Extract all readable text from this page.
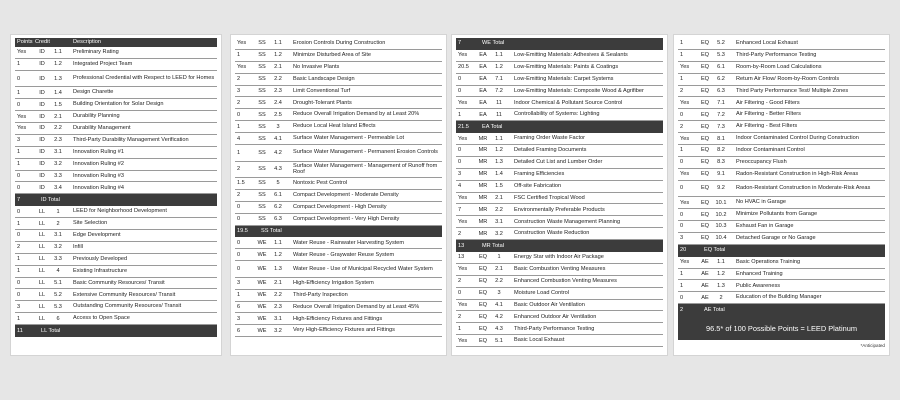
Points Credit	Description
Yes	ID	1.1	Preliminary Rating
1	ID	1.2	Integrated Project Team
0	ID	1.3	Professional Credential with Respect to LEED for Homes
1	ID	1.4	Design Charette
0	ID	1.5	Building Orientation for Solar Design
Yes	ID	2.1	Durability Planning
Yes	ID	2.2	Durability Management
3	ID	2.3	Third-Party Durability Management Verification
1	ID	3.1	Innovation Ruling #1
1	ID	3.2	Innovation Ruling #2
0	ID	3.3	Innovation Ruling #3
0	ID	3.4	Innovation Ruling #4
7	ID Total
0	LL	1	LEED for Neighborhood Development
1	LL	2	Site Selection
0	LL	3.1	Edge Development
2	LL	3.2	Infill
1	LL	3.3	Previously Developed
1	LL	4	Existing Infrastructure
0	LL	5.1	Basic Community Resources/ Transit
0	LL	5.2	Extensive Community Resources/ Transit
3	LL	5.3	Outstanding Community Resources/ Transit
1	LL	6	Access to Open Space
11	LL Total
Yes	SS	1.1	Erosion Controls During Construction
1	SS	1.2	Minimize Disturbed Area of Site
Yes	SS	2.1	No Invasive Plants
2	SS	2.2	Basic Landscape Design
3	SS	2.3	Limit Conventional Turf
2	SS	2.4	Drought-Tolerant Plants
0	SS	2.5	Reduce Overall Irrigation Demand by at Least 20%
1	SS	3	Reduce Local Heat Island Effects
4	SS	4.1	Surface Water Management - Permeable Lot
1	SS	4.2	Surface Water Management - Permanent Erosion Controls
2	SS	4.3
Surface Water Management - Management of Runoff from Roof
1.5	SS	5	Nontoxic Pest Control
2	SS	6.1	Compact Development - Moderate Density
0	SS	6.2	Compact Development - High Density
0	SS	6.3	Compact Development - Very High Density
19.5	SS Total
0	WE	1.1	Water Reuse - Rainwater Harvesting System
0	WE	1.2	Water Reuse - Graywater Reuse System
0	WE	1.3	Water Reuse - Use of Municipal Recycled Water System
3	WE	2.1	High-Efficiency Irrigation System
1	WE	2.2	Third-Party Inspection
6	WE	2.3	Reduce Overall Irrigation Demand by at Least 45%
3	WE	3.1	High-Efficiency Fixtures and Fittings
6	WE	3.2	Very High-Efficiency Fixtures and Fittings
7	WE Total
Yes	EA	1.1	Low-Emitting Materials: Adhesives & Sealants
20.5	EA	1.2	Low-Emitting Materials: Paints & Coatings
0	EA	7.1	Low-Emitting Materials: Carpet Systems
0	EA	7.2	Low-Emitting Materials: Composite Wood & Agrifiber
Yes	EA	11	Indoor Chemical & Pollutant Source Control
1	EA	11	Controllability of Systems: Lighting
21.5	EA Total
Yes	MR	1.1	Framing Order Waste Factor
0	MR	1.2	Detailed Framing Documents
0	MR	1.3	Detailed Cut List and Lumber Order
3	MR	1.4	Framing Efficiencies
4	MR	1.5	Off-site Fabrication
Yes	MR	2.1	FSC Certified Tropical Wood
7	MR	2.2	Environmentally Preferable Products
Yes	MR	3.1	Construction Waste Management Planning
2	MR	3.2	Construction Waste Reduction
13	MR Total
13	EQ	1	Energy Star with Indoor Air Package
Yes	EQ	2.1	Basic Combustion Venting Measures
2	EQ	2.2	Enhanced Combustion Venting Measures
0	EQ	3	Moisture Load Control
Yes	EQ	4.1	Basic Outdoor Air Ventilation
2	EQ	4.2	Enhanced Outdoor Air Ventilation
1	EQ	4.3	Third-Party Performance Testing
Yes	EQ	5.1	Basic Local Exhaust
1	EQ	5.2	Enhanced Local Exhaust
1	EQ	5.3	Third-Party Performance Testing
Yes	EQ	6.1	Room-by-Room Load Calculations
1	EQ	6.2	Return Air Flow/ Room-by-Room Controls
2	EQ	6.3	Third Party Performance Test/ Multiple Zones
Yes	EQ	7.1	Air Filtering - Good Filters
0	EQ	7.2	Air Filtering - Better Filters
2	EQ	7.3	Air Filtering - Best Filters
Yes	EQ	8.1	Indoor Contaminated Control During Construction
1	EQ	8.2	Indoor Contaminant Control
0	EQ	8.3	Preoccupancy Flush
Yes	EQ	9.1	Radon-Resistant Construction in High-Risk Areas
0	EQ	9.2	Radon-Resistant Construction in Moderate-Risk Areas
Yes	EQ	10.1	No HVAC in Garage
0	EQ	10.2	Minimize Pollutants from Garage
0	EQ	10.3	Exhaust Fan in Garage
3	EQ	10.4	Detached Garage or No Garage
20	EQ Total
Yes	AE	1.1	Basic Operations Training
1	AE	1.2	Enhanced Training
1	AE	1.3	Public Awareness
0	AE	2	Education of the Building Manager
2	AE Total
96.5* of 100 Possible Points = LEED Platinum
*Anticipated
